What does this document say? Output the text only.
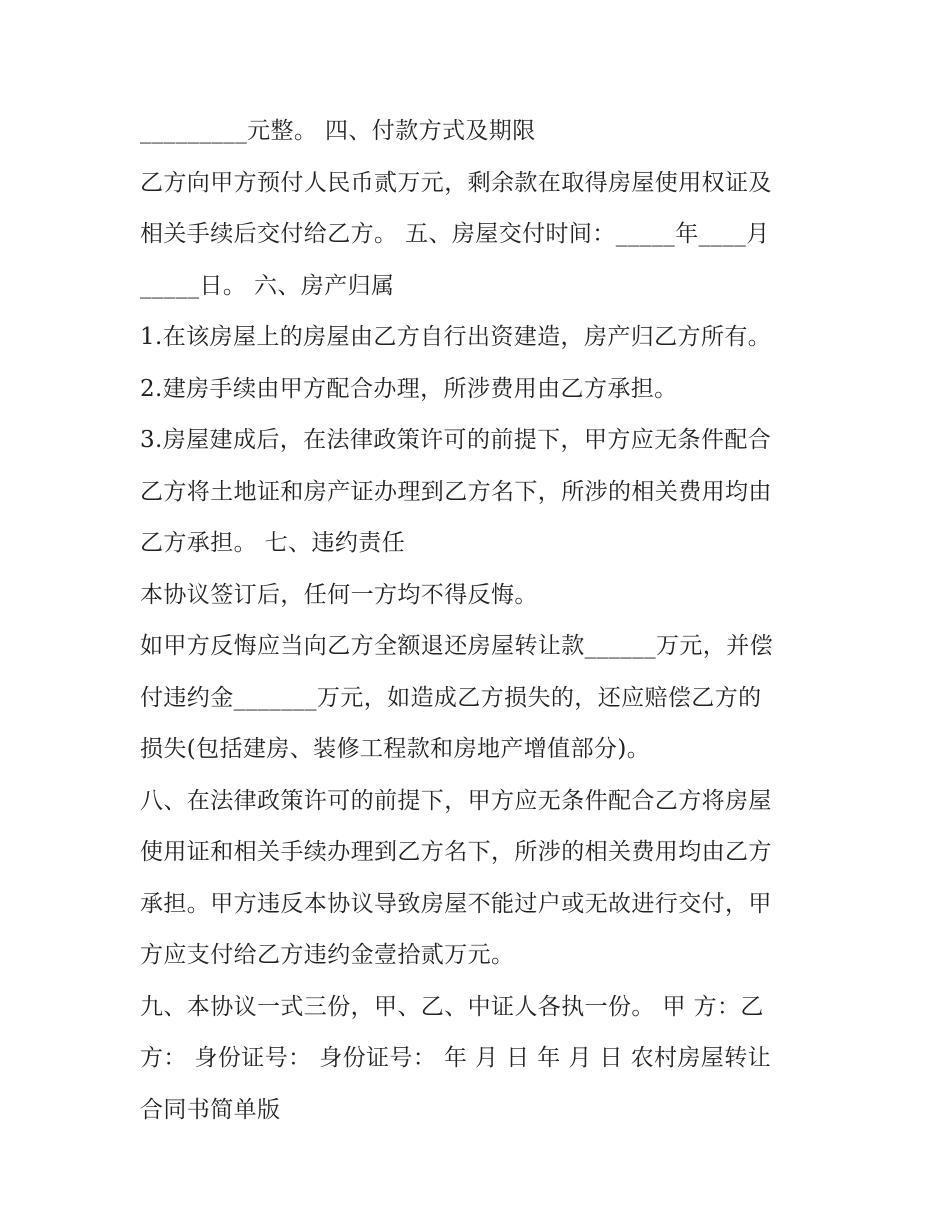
_________元整。 四、付款方式及期限
乙方向甲方预付人民币贰万元，剩余款在取得房屋使用权证及
相关手续后交付给乙方。 五、房屋交付时间：_____年____月
_____日。 六、房产归属
1.在该房屋上的房屋由乙方自行出资建造，房产归乙方所有。
2.建房手续由甲方配合办理，所涉费用由乙方承担。
3.房屋建成后，在法律政策许可的前提下，甲方应无条件配合
乙方将土地证和房产证办理到乙方名下，所涉的相关费用均由
乙方承担。 七、违约责任
本协议签订后，任何一方均不得反悔。
如甲方反悔应当向乙方全额退还房屋转让款______万元，并偿
付违约金_______万元，如造成乙方损失的，还应赔偿乙方的
损失(包括建房、装修工程款和房地产增值部分)。
八、在法律政策许可的前提下，甲方应无条件配合乙方将房屋
使用证和相关手续办理到乙方名下，所涉的相关费用均由乙方
承担。甲方违反本协议导致房屋不能过户或无故进行交付，甲
方应支付给乙方违约金壹拾贰万元。
九、本协议一式三份，甲、乙、中证人各执一份。 甲 方：乙
方： 身份证号： 身份证号： 年 月 日 年 月 日 农村房屋转让
合同书简单版
